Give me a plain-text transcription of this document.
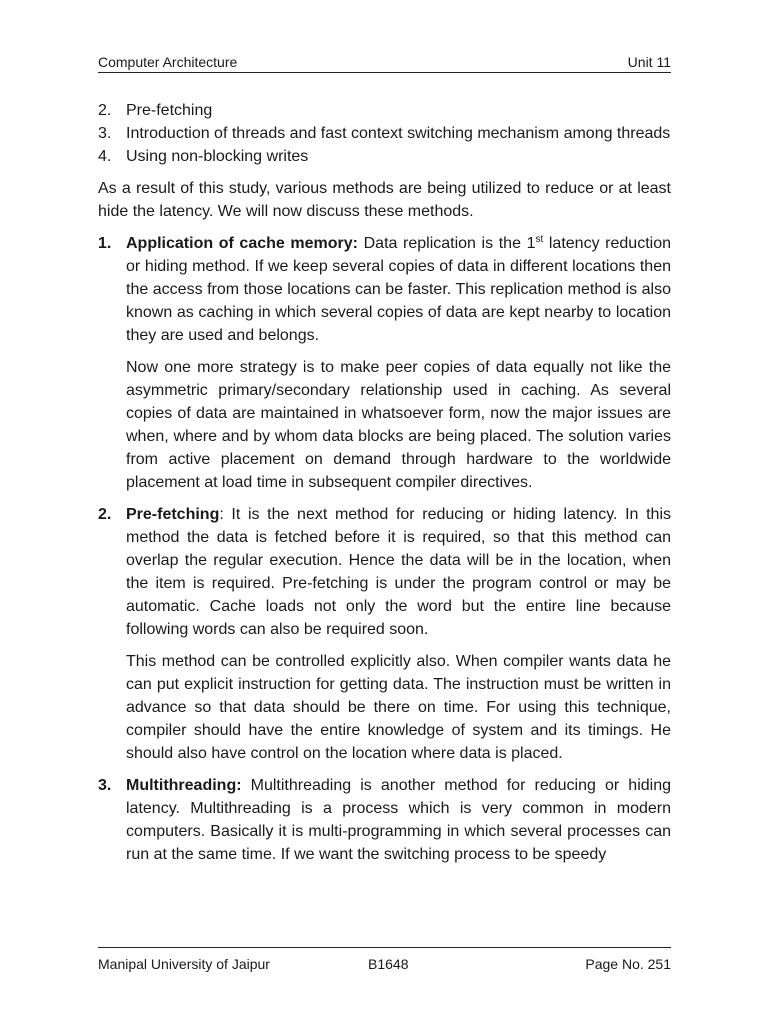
Computer Architecture	Unit 11
2. Pre-fetching
3. Introduction of threads and fast context switching mechanism among threads
4. Using non-blocking writes

As a result of this study, various methods are being utilized to reduce or at least hide the latency. We will now discuss these methods.

1. Application of cache memory: Data replication is the 1st latency reduction or hiding method. If we keep several copies of data in different locations then the access from those locations can be faster. This replication method is also known as caching in which several copies of data are kept nearby to location they are used and belongs.

Now one more strategy is to make peer copies of data equally not like the asymmetric primary/secondary relationship used in caching. As several copies of data are maintained in whatsoever form, now the major issues are when, where and by whom data blocks are being placed. The solution varies from active placement on demand through hardware to the worldwide placement at load time in subsequent compiler directives.

2. Pre-fetching: It is the next method for reducing or hiding latency. In this method the data is fetched before it is required, so that this method can overlap the regular execution. Hence the data will be in the location, when the item is required. Pre-fetching is under the program control or may be automatic. Cache loads not only the word but the entire line because following words can also be required soon.

This method can be controlled explicitly also. When compiler wants data he can put explicit instruction for getting data. The instruction must be written in advance so that data should be there on time. For using this technique, compiler should have the entire knowledge of system and its timings. He should also have control on the location where data is placed.

3. Multithreading: Multithreading is another method for reducing or hiding latency. Multithreading is a process which is very common in modern computers. Basically it is multi-programming in which several processes can run at the same time. If we want the switching process to be speedy

Manipal University of Jaipur	B1648	Page No. 251
